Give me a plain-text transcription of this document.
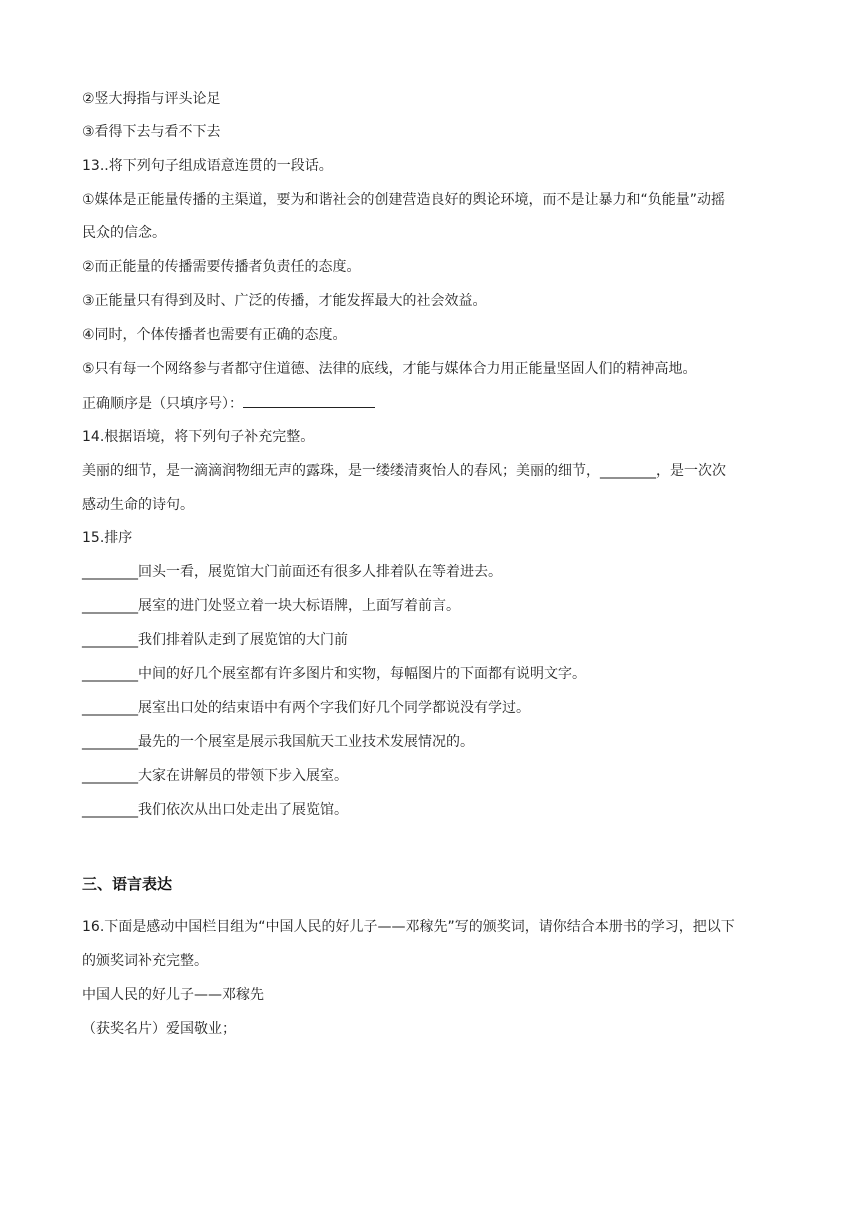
②竖大拇指与评头论足
③看得下去与看不下去
13..将下列句子组成语意连贯的一段话。
①媒体是正能量传播的主渠道，要为和谐社会的创建营造良好的舆论环境，而不是让暴力和“负能量”动摇
民众的信念。
②而正能量的传播需要传播者负责任的态度。
③正能量只有得到及时、广泛的传播，才能发挥最大的社会效益。
④同时，个体传播者也需要有正确的态度。
⑤只有每一个网络参与者都守住道德、法律的底线，才能与媒体合力用正能量坚固人们的精神高地。
正确顺序是（只填序号）：
14.根据语境，将下列句子补充完整。
美丽的细节，是一滴滴润物细无声的露珠，是一缕缕清爽怡人的春风；美丽的细节，________，是一次次
感动生命的诗句。
15.排序
________回头一看，展览馆大门前面还有很多人排着队在等着进去。
________展室的进门处竖立着一块大标语牌，上面写着前言。
________我们排着队走到了展览馆的大门前
________中间的好几个展室都有许多图片和实物，每幅图片的下面都有说明文字。
________展室出口处的结束语中有两个字我们好几个同学都说没有学过。
________最先的一个展室是展示我国航天工业技术发展情况的。
________大家在讲解员的带领下步入展室。
________我们依次从出口处走出了展览馆。
三、语言表达
16.下面是感动中国栏目组为“中国人民的好儿子——邓稼先”写的颁奖词，请你结合本册书的学习，把以下
的颁奖词补充完整。
中国人民的好儿子——邓稼先
（获奖名片）爱国敬业；
